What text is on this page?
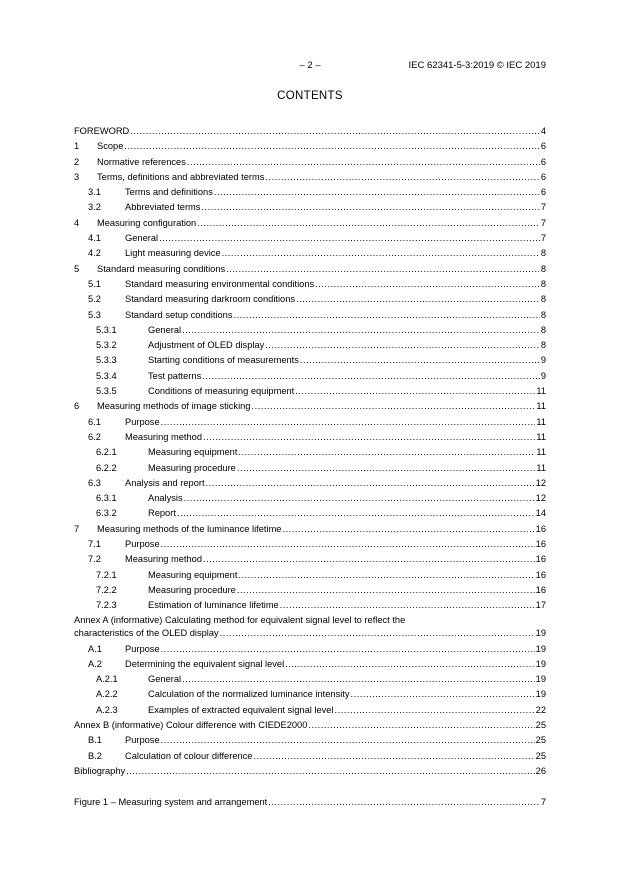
– 2 –	IEC 62341-5-3:2019 © IEC 2019
CONTENTS
FOREWORD .....	4
1 Scope .....	6
2 Normative references .....	6
3 Terms, definitions and abbreviated terms .....	6
3.1	Terms and definitions .....	6
3.2	Abbreviated terms .....	7
4 Measuring configuration .....	7
4.1	General .....	7
4.2	Light measuring device .....	8
5 Standard measuring conditions .....	8
5.1	Standard measuring environmental conditions .....	8
5.2	Standard measuring darkroom conditions .....	8
5.3	Standard setup conditions .....	8
5.3.1	General .....	8
5.3.2	Adjustment of OLED display .....	8
5.3.3	Starting conditions of measurements .....	9
5.3.4	Test patterns .....	9
5.3.5	Conditions of measuring equipment .....	11
6 Measuring methods of image sticking .....	11
6.1	Purpose .....	11
6.2	Measuring method .....	11
6.2.1	Measuring equipment .....	11
6.2.2	Measuring procedure .....	11
6.3	Analysis and report .....	12
6.3.1	Analysis .....	12
6.3.2	Report .....	14
7 Measuring methods of the luminance lifetime .....	16
7.1	Purpose .....	16
7.2	Measuring method .....	16
7.2.1	Measuring equipment .....	16
7.2.2	Measuring procedure .....	16
7.2.3	Estimation of luminance lifetime .....	17
Annex A (informative) Calculating method for equivalent signal level to reflect the
characteristics of the OLED display .....	19
A.1 Purpose .....	19
A.2 Determining the equivalent signal level .....	19
A.2.1	General .....	19
A.2.2	Calculation of the normalized luminance intensity .....	19
A.2.3	Examples of extracted equivalent signal level .....	22
Annex B (informative) Colour difference with CIEDE2000 .....	25
B.1 Purpose .....	25
B.2 Calculation of colour difference .....	25
Bibliography .....	26
Figure 1 – Measuring system and arrangement .....	7
